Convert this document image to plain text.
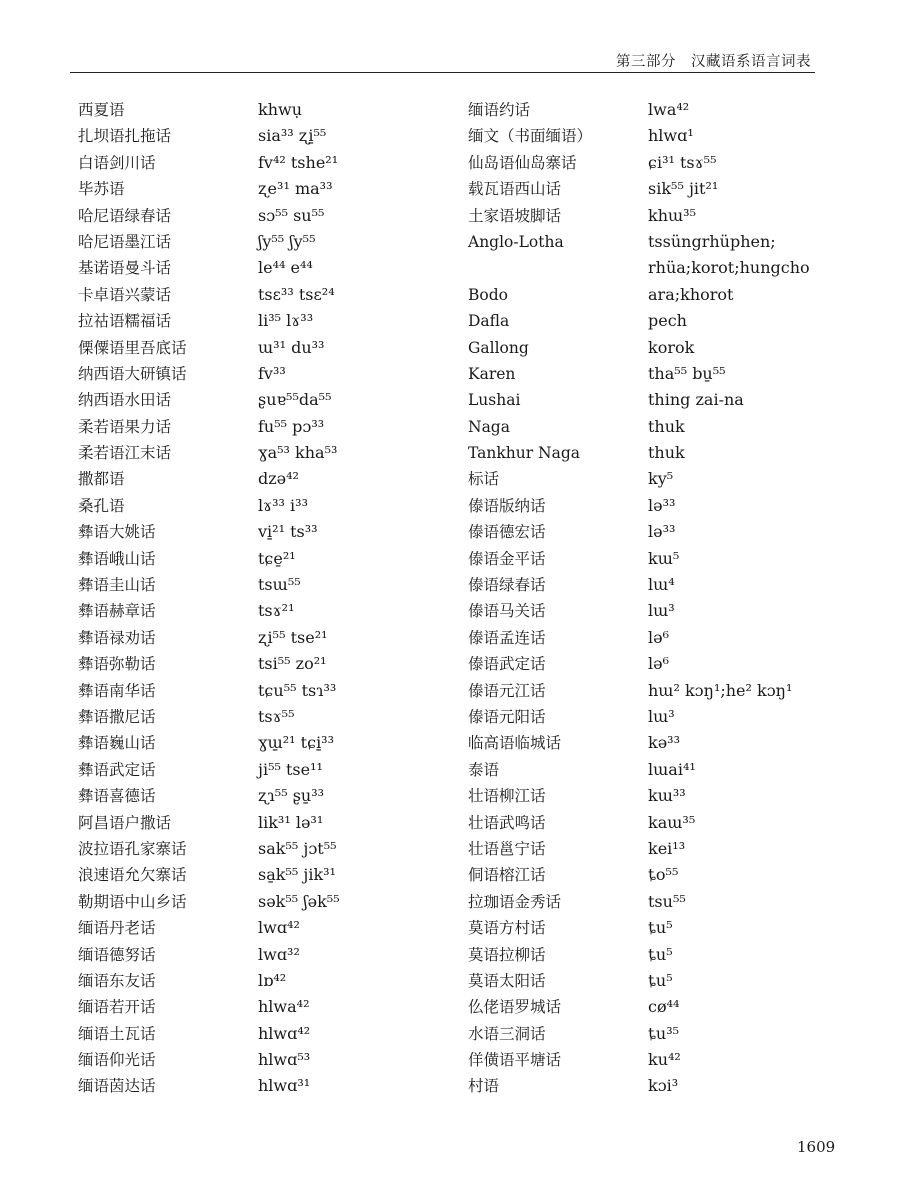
第三部分　汉藏语系语言词表
西夏语
扎坝语扎拖话
白语剑川话
毕苏语
哈尼语绿春话
哈尼语墨江话
基诺语曼斗话
卡卓语兴蒙话
拉祜语糯福话
傈僳语里吾底话
纳西语大研镇话
纳西语水田话
柔若语果力话
柔若语江末话
撒都语
桑孔语
彝语大姚话
彝语峨山话
彝语圭山话
彝语赫章话
彝语禄劝话
彝语弥勒话
彝语南华话
彝语撒尼话
彝语巍山话
彝语武定话
彝语喜德话
阿昌语户撒话
波拉语孔家寨话
浪速语允欠寨话
勒期语中山乡话
缅语丹老话
缅语德努话
缅语东友话
缅语若开话
缅语土瓦话
缅语仰光话
缅语茵达话
khwụ
sia³³ ʐi̱⁵⁵
fv⁴² tshe²¹
ʐe³¹ ma³³
sɔ⁵⁵ su⁵⁵
ʃy⁵⁵ ʃy⁵⁵
le⁴⁴ e⁴⁴
tsɛ³³ tsɛ²⁴
li³⁵ lɤ³³
ɯ³¹ du³³
fv³³
ʂuɐ⁵⁵da⁵⁵
fu⁵⁵ pɔ³³
ɣa⁵³ kha⁵³
dzə⁴²
lɤ³³ i³³
vi̱²¹ ts³³
tɕe̱²¹
tsɯ⁵⁵
tsɤ²¹
ʐi⁵⁵ tse²¹
tsi⁵⁵ zo²¹
tɕu⁵⁵ tsɿ³³
tsɤ⁵⁵
ɣɯ̱²¹ tɕi̱³³
ji⁵⁵ tse¹¹
ʐɿ⁵⁵ ʂu̱³³
lik³¹ lə³¹
sak⁵⁵ jɔt⁵⁵
sa̱k⁵⁵ jik³¹
sək⁵⁵ ʃək⁵⁵
lwɑ⁴²
lwɑ³²
lɒ⁴²
hlwa⁴²
hlwɑ⁴²
hlwɑ⁵³
hlwɑ³¹
缅语约话
缅文（书面缅语）
仙岛语仙岛寨话
载瓦语西山话
土家语坡脚话
Anglo-Lotha
Bodo
Dafla
Gallong
Karen
Lushai
Naga
Tankhur Naga
标话
傣语版纳话
傣语德宏话
傣语金平话
傣语绿春话
傣语马关话
傣语孟连话
傣语武定话
傣语元江话
傣语元阳话
临高语临城话
泰语
壮语柳江话
壮语武鸣话
壮语邕宁话
侗语榕江话
拉珈语金秀话
莫语方村话
莫语拉柳话
莫语太阳话
仫佬语罗城话
水语三洞话
佯僙语平塘话
村语
lwa⁴²
hlwɑ¹
ɕi³¹ tsɤ⁵⁵
sik⁵⁵ jit²¹
khɯ³⁵
tssüngrhüphen;
rhüa;korot;hungcho
ara;khorot
pech
korok
tha⁵⁵ bu̱⁵⁵
thing zai-na
thuk
thuk
ky⁵
lə³³
lə³³
kɯ⁵
lɯ⁴
lɯ³
lə⁶
lə⁶
hɯ² kɔŋ¹;he² kɔŋ¹
lɯ³
kə³³
lɯai⁴¹
kɯ³³
kaɯ³⁵
kei¹³
ȶo⁵⁵
tsu⁵⁵
ȶu⁵
ȶu⁵
ȶu⁵
cø⁴⁴
ȶu³⁵
ku⁴²
kɔi³
1609
